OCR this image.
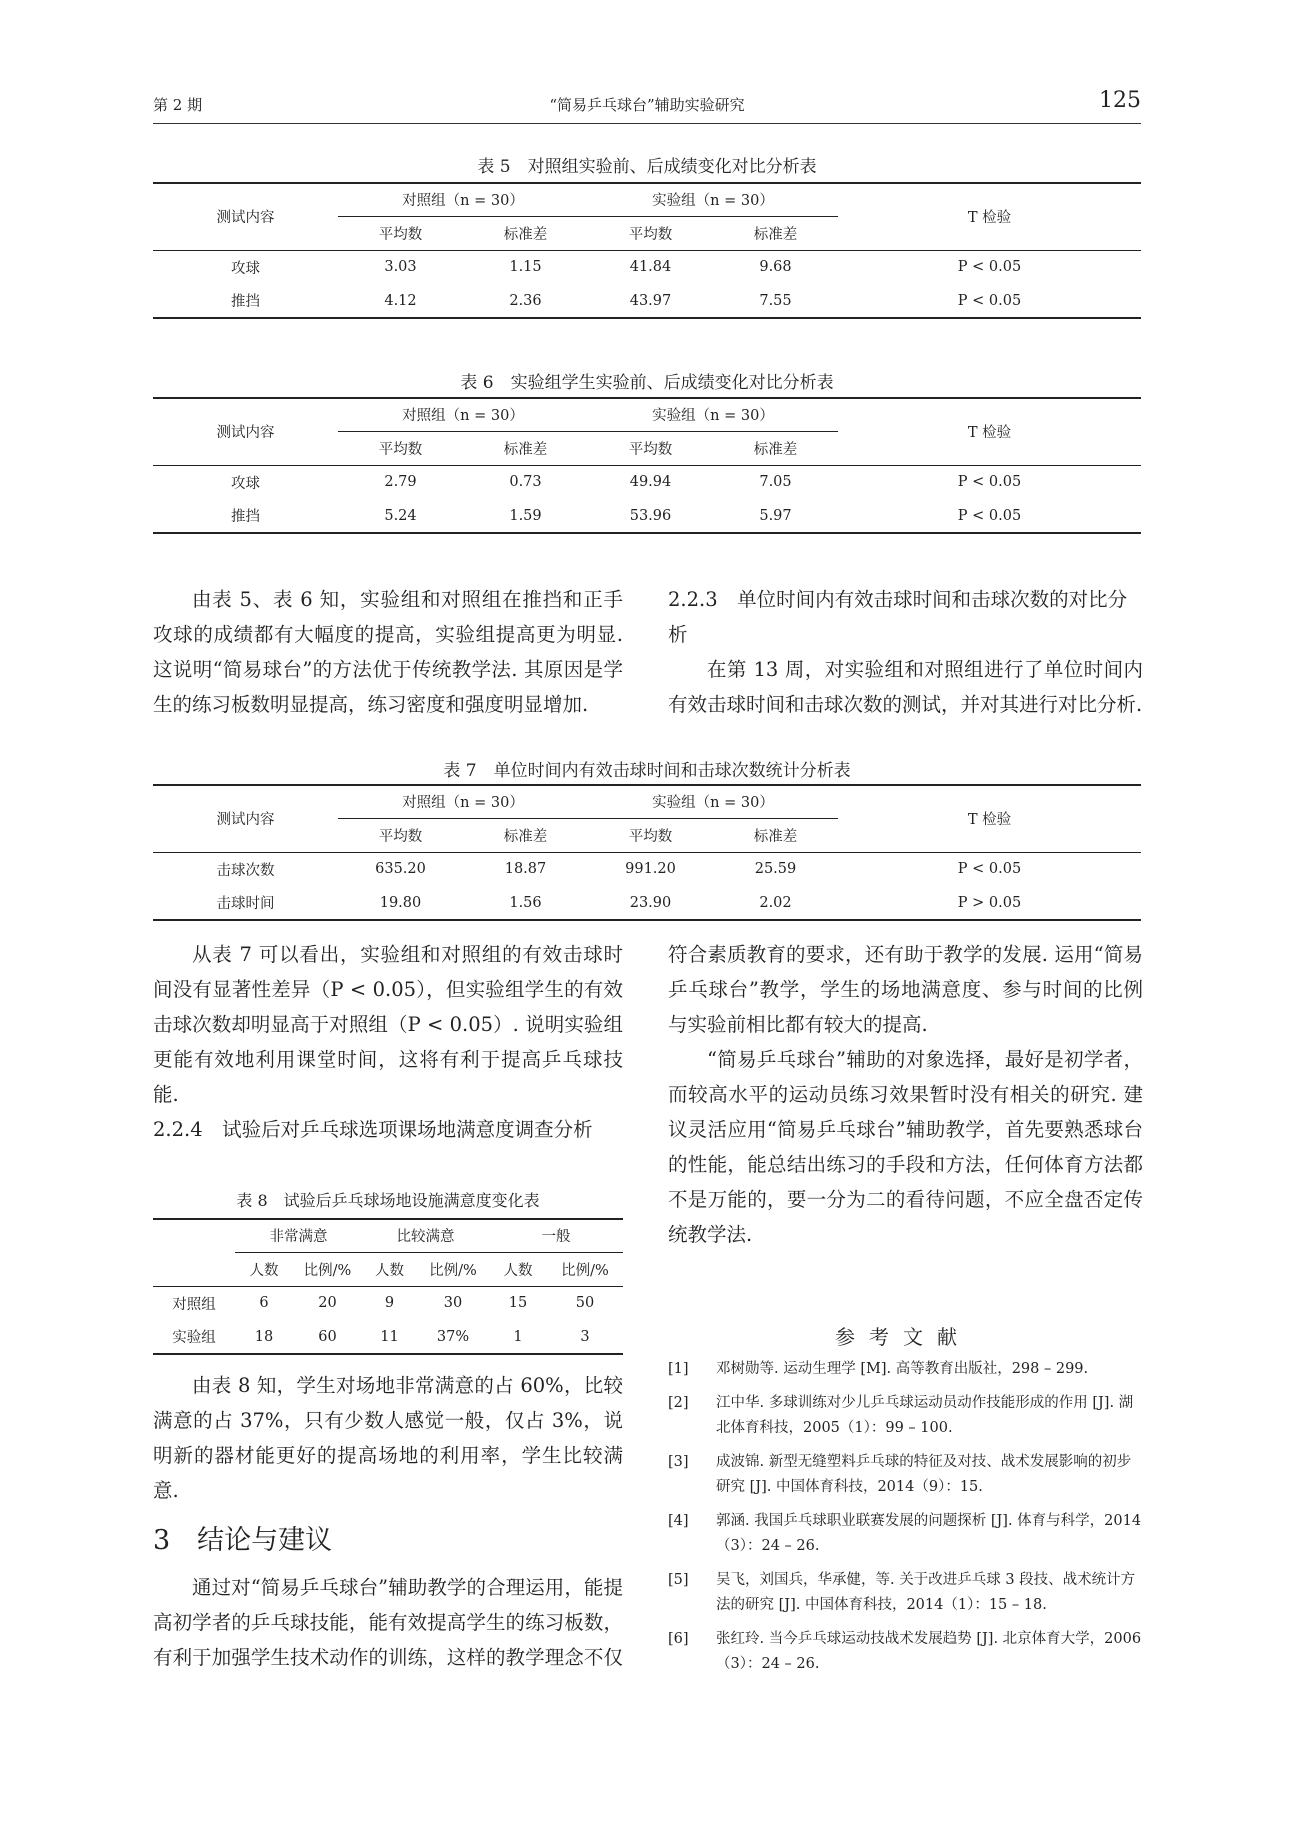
第 2 期	“简易乒乓球台”辅助实验研究	125
表 5　对照组实验前、后成绩变化对比分析表
测试内容	对照组（n = 30）		实验组（n = 30）		T 检验
	平均数	标准差	平均数	标准差	
攻球	3.03	1.15	41.84	9.68	P < 0.05
推挡	4.12	2.36	43.97	7.55	P < 0.05
表 6　实验组学生实验前、后成绩变化对比分析表
测试内容	对照组（n = 30）		实验组（n = 30）		T 检验
	平均数	标准差	平均数	标准差	
攻球	2.79	0.73	49.94	7.05	P < 0.05
推挡	5.24	1.59	53.96	5.97	P < 0.05

由表 5、表 6 知，实验组和对照组在推挡和正手攻球的成绩都有大幅度的提高，实验组提高更为明显. 这说明“简易球台”的方法优于传统教学法. 其原因是学生的练习板数明显提高，练习密度和强度明显增加.

2.2.3　单位时间内有效击球时间和击球次数的对比分析

在第 13 周，对实验组和对照组进行了单位时间内有效击球时间和击球次数的测试，并对其进行对比分析.

表 7　单位时间内有效击球时间和击球次数统计分析表
测试内容	对照组（n = 30）		实验组（n = 30）		T 检验
	平均数	标准差	平均数	标准差	
击球次数	635.20	18.87	991.20	25.59	P < 0.05
击球时间	19.80	1.56	23.90	2.02	P > 0.05

从表 7 可以看出，实验组和对照组的有效击球时间没有显著性差异（P < 0.05），但实验组学生的有效击球次数却明显高于对照组（P < 0.05）. 说明实验组更能有效地利用课堂时间，这将有利于提高乒乓球技能.

2.2.4　试验后对乒乓球选项课场地满意度调查分析
表 8　试验后乒乓球场地设施满意度变化表
	非常满意		比较满意		一般	
	人数	比例/%	人数	比例/%	人数	比例/%
对照组	6	20	9	30	15	50
实验组	18	60	11	37%	1	3

由表 8 知，学生对场地非常满意的占 60%，比较满意的占 37%，只有少数人感觉一般，仅占 3%，说明新的器材能更好的提高场地的利用率，学生比较满意.

3　结论与建议

通过对“简易乒乓球台”辅助教学的合理运用，能提高初学者的乒乓球技能，能有效提高学生的练习板数，有利于加强学生技术动作的训练，这样的教学理念不仅

符合素质教育的要求，还有助于教学的发展. 运用“简易乒乓球台”教学，学生的场地满意度、参与时间的比例与实验前相比都有较大的提高.

“简易乒乓球台”辅助的对象选择，最好是初学者，而较高水平的运动员练习效果暂时没有相关的研究. 建议灵活应用“简易乒乓球台”辅助教学，首先要熟悉球台的性能，能总结出练习的手段和方法，任何体育方法都不是万能的，要一分为二的看待问题，不应全盘否定传统教学法.

参考文献
[1] 邓树勋等. 运动生理学 [M]. 高等教育出版社，298 – 299.
[2] 江中华. 多球训练对少儿乒乓球运动员动作技能形成的作用 [J]. 湖北体育科技，2005（1）：99 – 100.
[3] 成波锦. 新型无缝塑料乒乓球的特征及对技、战术发展影响的初步研究 [J]. 中国体育科技，2014（9）：15.
[4] 郭涵. 我国乒乓球职业联赛发展的问题探析 [J]. 体育与科学，2014（3）：24 – 26.
[5] 吴飞，刘国兵，华承健，等. 关于改进乒乓球 3 段技、战术统计方法的研究 [J]. 中国体育科技，2014（1）：15 – 18.
[6] 张红玲. 当今乒乓球运动技战术发展趋势 [J]. 北京体育大学，2006（3）：24 – 26.
